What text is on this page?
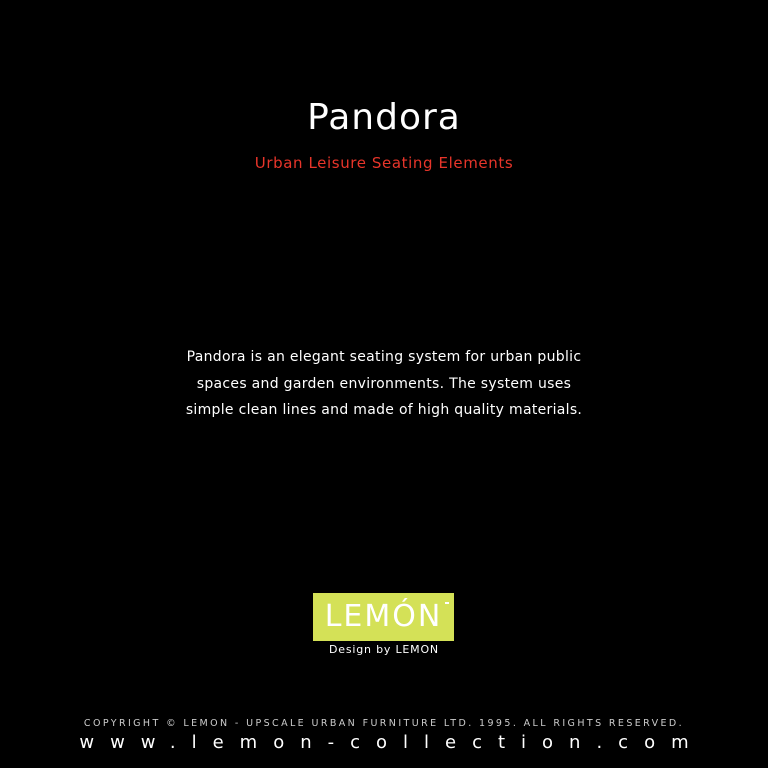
Pandora
Urban Leisure Seating Elements
Pandora is an elegant seating system for urban public
spaces and garden environments. The system uses
simple clean lines and made of high quality materials.
LEMÓN
Design by LEMON
COPYRIGHT © LEMON - UPSCALE URBAN FURNITURE LTD. 1995. ALL RIGHTS RESERVED.
www.lemon-collection.com
